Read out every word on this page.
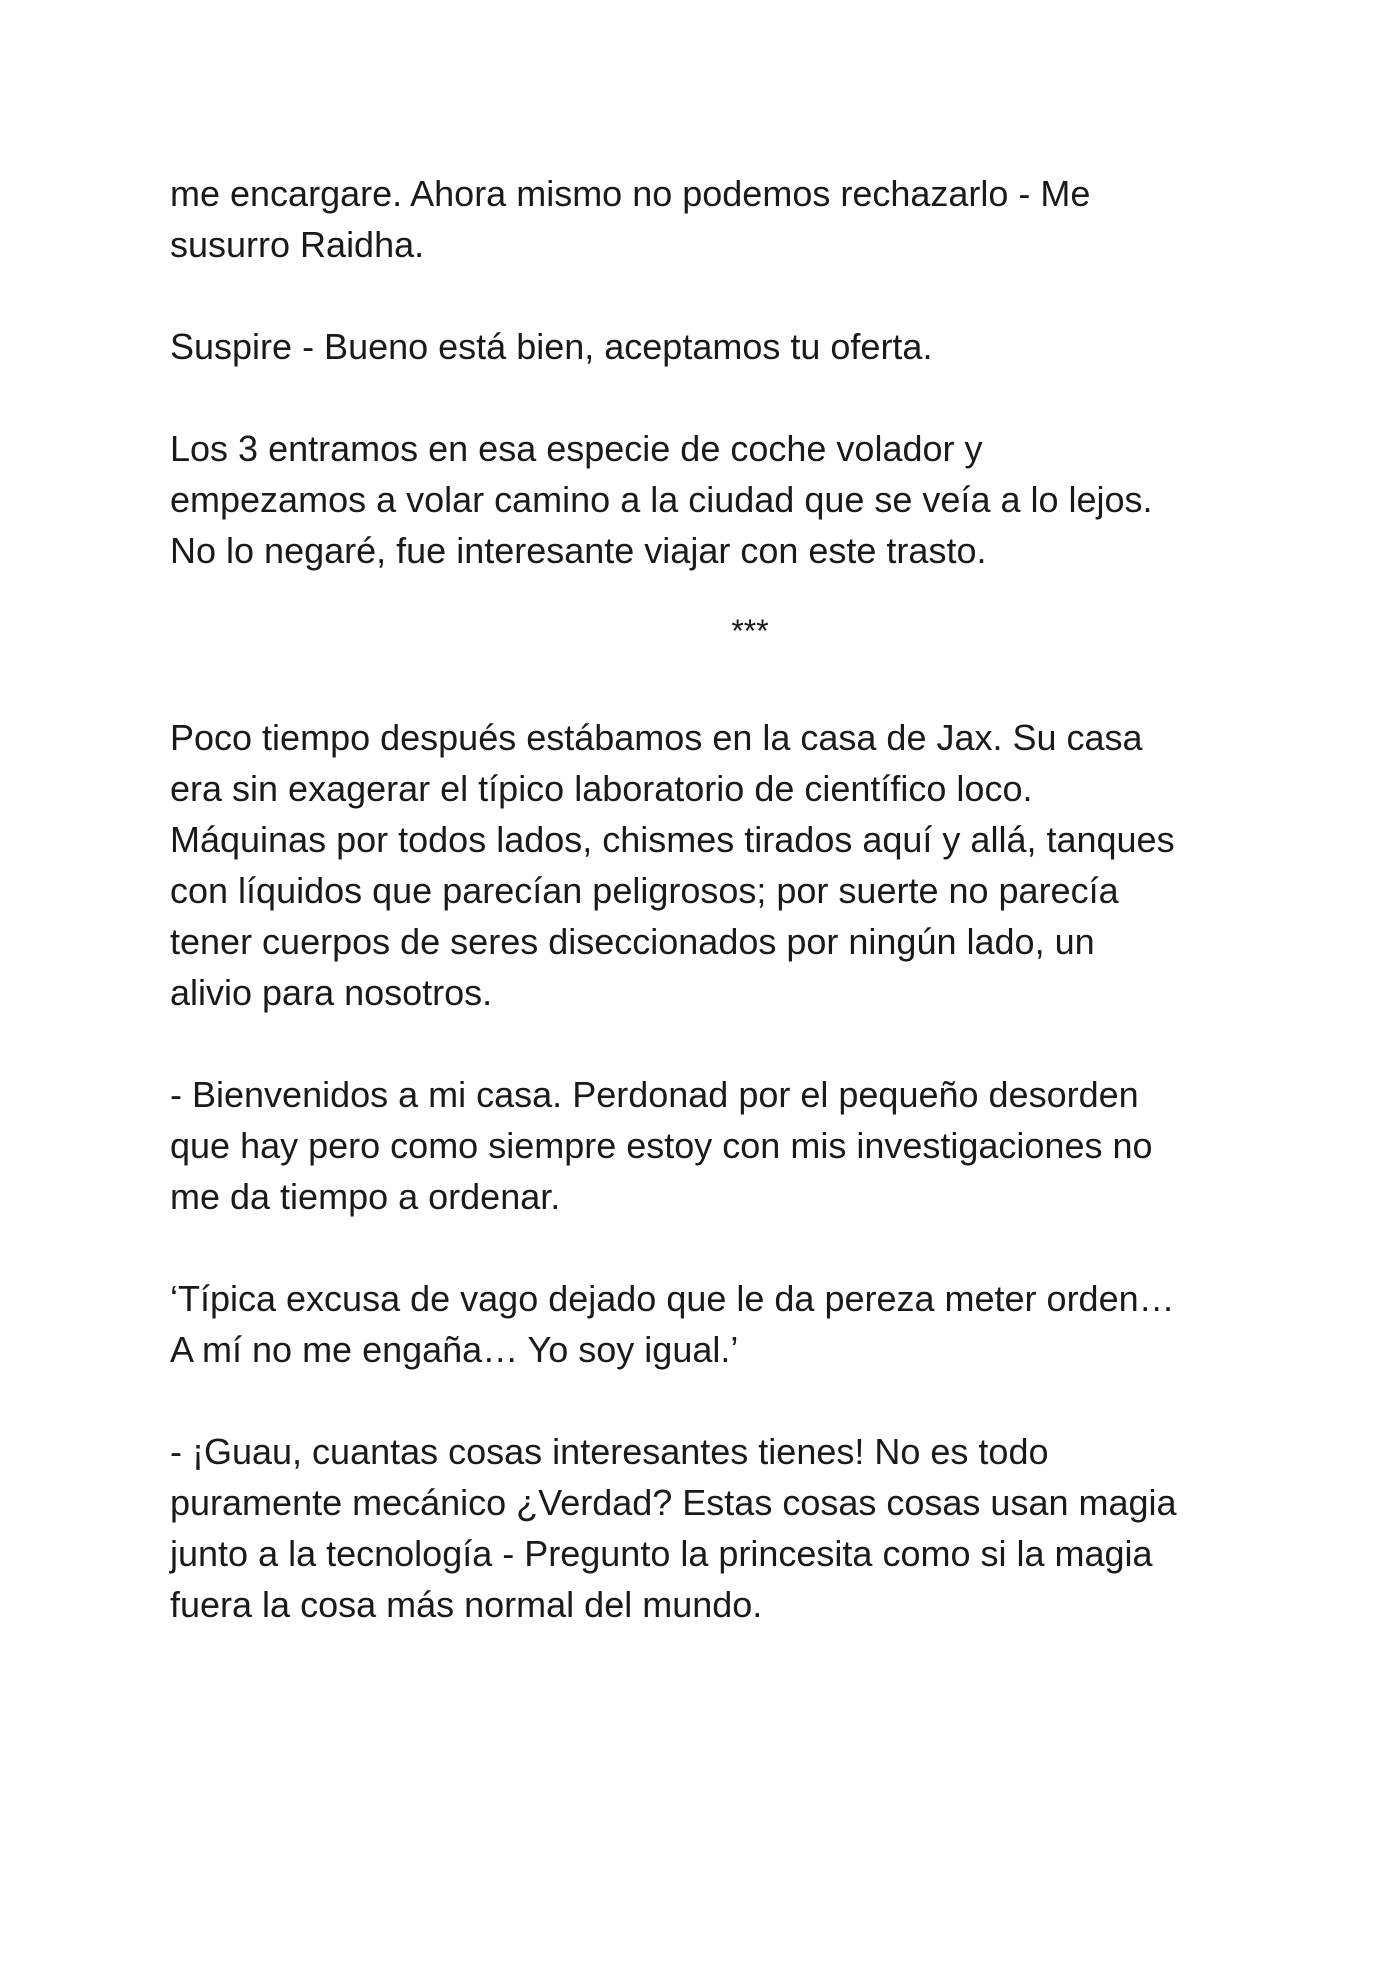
me encargare. Ahora mismo no podemos rechazarlo - Me
susurro Raidha.

Suspire - Bueno está bien, aceptamos tu oferta.

Los 3 entramos en esa especie de coche volador y
empezamos a volar camino a la ciudad que se veía a lo lejos.
No lo negaré, fue interesante viajar con este trasto.

***

Poco tiempo después estábamos en la casa de Jax. Su casa
era sin exagerar el típico laboratorio de científico loco.
Máquinas por todos lados, chismes tirados aquí y allá, tanques
con líquidos que parecían peligrosos; por suerte no parecía
tener cuerpos de seres diseccionados por ningún lado, un
alivio para nosotros.

- Bienvenidos a mi casa. Perdonad por el pequeño desorden
que hay pero como siempre estoy con mis investigaciones no
me da tiempo a ordenar.

‘Típica excusa de vago dejado que le da pereza meter orden…
A mí no me engaña… Yo soy igual.’

- ¡Guau, cuantas cosas interesantes tienes! No es todo
puramente mecánico ¿Verdad? Estas cosas cosas usan magia
junto a la tecnología - Pregunto la princesita como si la magia
fuera la cosa más normal del mundo.
